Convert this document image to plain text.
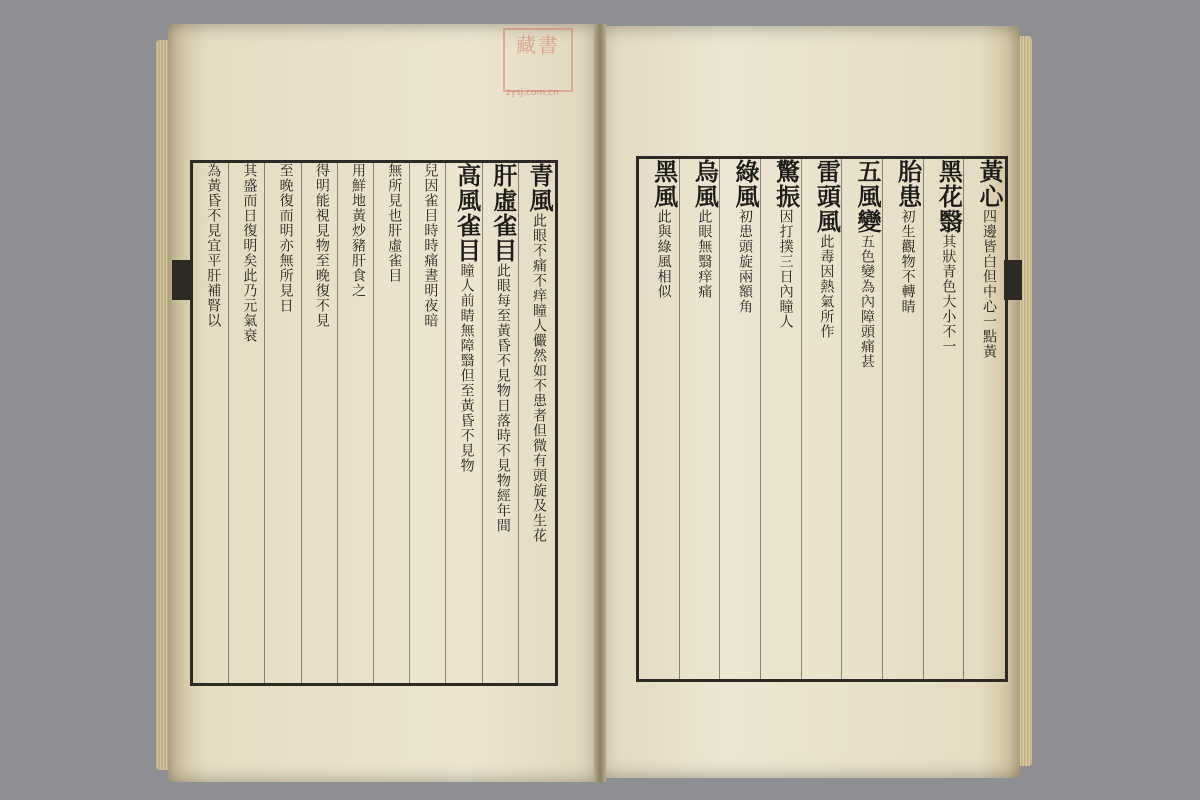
藏書
zysj.com.cn
青風此眼不痛不痒瞳人儼然如不患者但微有頭旋及生花
肝虛雀目此眼每至黃昏不見物日落時不見物經年間
高風雀目瞳人前睛無障翳但至黃昏不見物
兒因雀目時時痛晝明夜暗
無所見也肝虛雀目
用鮮地黃炒豬肝食之
得明能視見物至晚復不見
至晚復而明亦無所見日
其盛而日復明矣此乃元氣衰
為黃昏不見宜平肝補腎以	黃心四邊皆白但中心一點黃
黑花翳其狀青色大小不一
胎患初生觀物不轉睛
五風變五色變為內障頭痛甚
雷頭風此毒因熱氣所作
驚振因打撲三日內瞳人
綠風初患頭旋兩額角
烏風此眼無翳痒痛
黑風此與綠風相似
